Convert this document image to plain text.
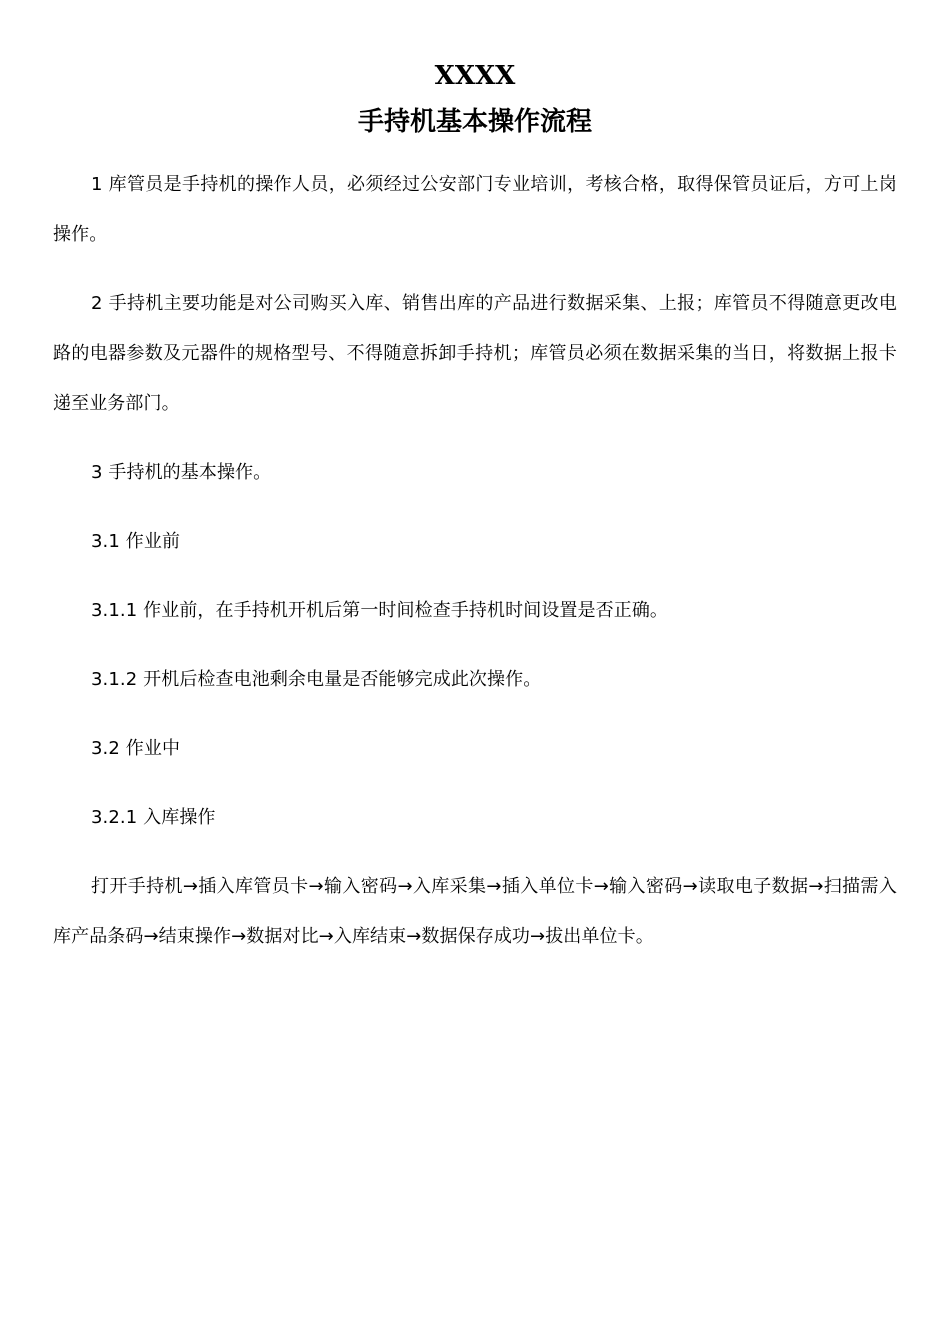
XXXX
手持机基本操作流程

1 库管员是手持机的操作人员，必须经过公安部门专业培训，考核合格，取得保管员证后，方可上岗操作。

2 手持机主要功能是对公司购买入库、销售出库的产品进行数据采集、上报；库管员不得随意更改电路的电器参数及元器件的规格型号、不得随意拆卸手持机；库管员必须在数据采集的当日，将数据上报卡递至业务部门。

3 手持机的基本操作。

3.1 作业前

3.1.1 作业前，在手持机开机后第一时间检查手持机时间设置是否正确。

3.1.2 开机后检查电池剩余电量是否能够完成此次操作。

3.2 作业中

3.2.1 入库操作

打开手持机→插入库管员卡→输入密码→入库采集→插入单位卡→输入密码→读取电子数据→扫描需入库产品条码→结束操作→数据对比→入库结束→数据保存成功→拔出单位卡。
